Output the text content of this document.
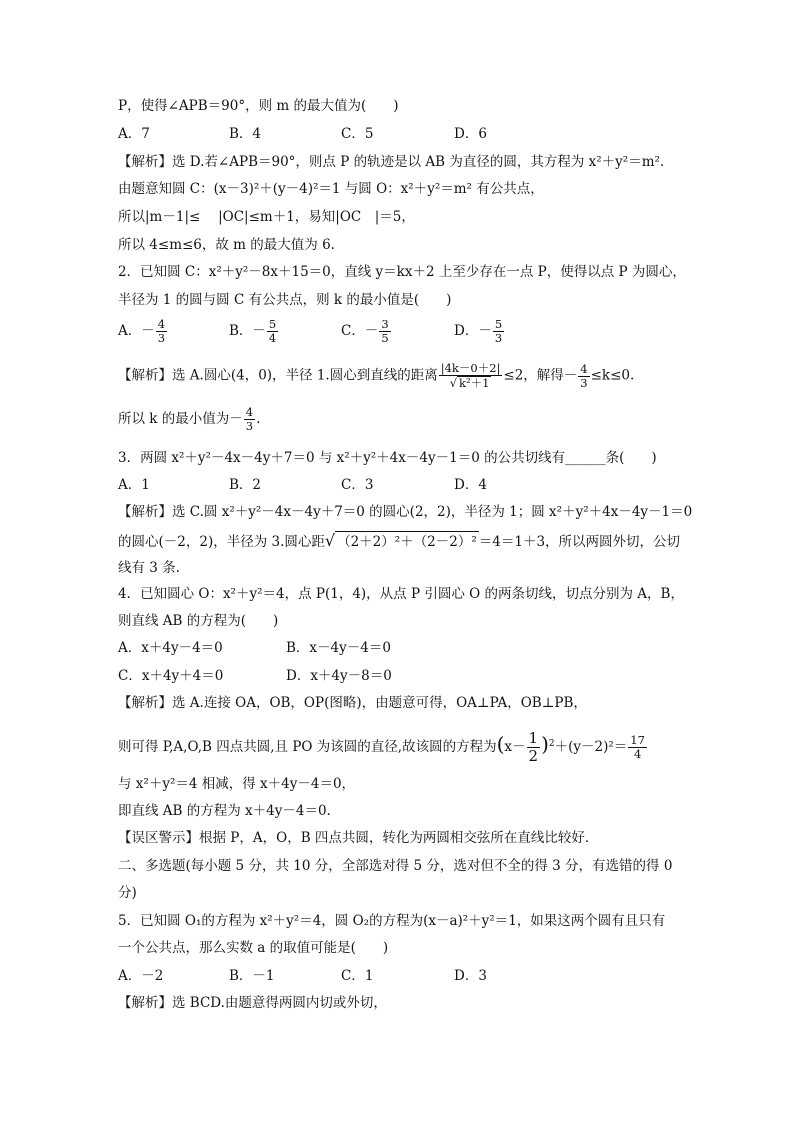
P，使得∠APB＝90°，则 m 的最大值为(　　)
A．7	B．4	C．5	D．6
【解析】选 D.若∠APB＝90°，则点 P 的轨迹是以 AB 为直径的圆，其方程为 x²＋y²＝m².
由题意知圆 C：(x－3)²＋(y－4)²＝1 与圆 O：x²＋y²＝m² 有公共点，
所以|m－1|≤　 |OC|≤m＋1，易知|OC　|＝5，
所以 4≤m≤6，故 m 的最大值为 6.
2．已知圆 C：x²＋y²－8x＋15＝0，直线 y＝kx＋2 上至少存在一点 P，使得以点 P 为圆心，
半径为 1 的圆与圆 C 有公共点，则 k 的最小值是(　　)
A．－ $\frac{4}{3}$	B．－ $\frac{5}{4}$	C．－ $\frac{3}{5}$	D．－ $\frac{5}{3}$
【解析】选 A.圆心(4，0)，半径 1.圆心到直线的距离 $\frac{|4k-0+2|}{\text{√ k²＋1}} \le 2$，解得－ $\frac{4}{3} \le k\le 0$.
所以 k 的最小值为－ $\frac{4}{3}$ .
3．两圆 x²＋y²－4x－4y＋7＝0 与 x²＋y²＋4x－4y－1＝0 的公共切线有______条(　　)
A．1	B．2	C．3	D．4
【解析】选 C.圆 x²＋y²－4x－4y＋7＝0 的圆心(2，2)，半径为 1；圆 x²＋y²＋4x－4y－1＝0
的圆心(－2，2)，半径为 3.圆心距√ （2＋2）²＋（2－2）² ＝4＝1＋3，所以两圆外切，公切
线有 3 条.
4．已知圆心 O：x²＋y²＝4，点 P(1，4)，从点 P 引圆心 O 的两条切线，切点分别为 A，B，
则直线 AB 的方程为(　　)
A．x＋4y－4＝0	B．x－4y－4＝0
C．x＋4y＋4＝0	D．x＋4y－8＝0
【解析】选 A.连接 OA，OB，OP(图略)，由题意可得，OA⊥PA，OB⊥PB，
则可得 P,A,O,B 四点共圆,且 PO 为该圆的直径,故该圆的方程为$(x- \frac{1}{2} )^2+(y-2)^2= \frac{17}{4}$
与 x²＋y²＝4 相减，得 x＋4y－4＝0，
即直线 AB 的方程为 x＋4y－4＝0.
【误区警示】根据 P，A，O，B 四点共圆，转化为两圆相交弦所在直线比较好．
二、多选题(每小题 5 分，共 10 分，全部选对得 5 分，选对但不全的得 3 分，有选错的得 0
分)
5．已知圆 O₁的方程为 x²＋y²＝4，圆 O₂的方程为(x－a)²＋y²＝1，如果这两个圆有且只有
一个公共点，那么实数 a 的取值可能是(　　)
A．－2	B．－1	C．1	D．3
【解析】选 BCD.由题意得两圆内切或外切，
